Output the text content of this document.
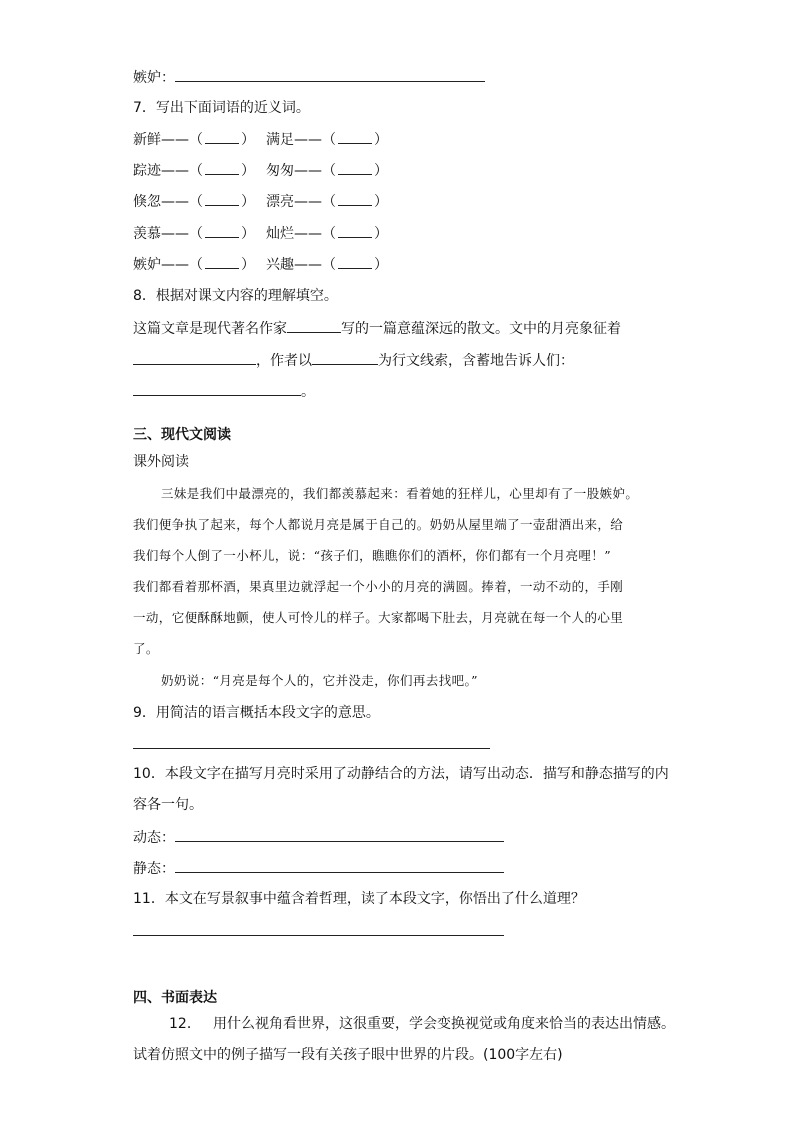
嫉妒：
7．写出下面词语的近义词。
新鲜——（	） 满足——（	）
踪迹——（	） 匆匆——（	）
倏忽——（	） 漂亮——（	）
羡慕——（	） 灿烂——（	）
嫉妒——（	） 兴趣——（	）
8．根据对课文内容的理解填空。
这篇文章是现代著名作家	写的一篇意蕴深远的散文。文中的月亮象征着
，作者以	为行文线索，含蓄地告诉人们：
。
三、现代文阅读
课外阅读
三妹是我们中最漂亮的，我们都羡慕起来：看着她的狂样儿，心里却有了一股嫉妒。
我们便争执了起来，每个人都说月亮是属于自己的。奶奶从屋里端了一壶甜酒出来，给
我们每个人倒了一小杯儿，说：“孩子们，瞧瞧你们的酒杯，你们都有一个月亮哩！”
我们都看着那杯酒，果真里边就浮起一个小小的月亮的满圆。捧着，一动不动的，手刚
一动，它便酥酥地颤，使人可怜儿的样子。大家都喝下肚去，月亮就在每一个人的心里
了。
奶奶说：“月亮是每个人的，它并没走，你们再去找吧。”
9．用简洁的语言概括本段文字的意思。
10．本段文字在描写月亮时采用了动静结合的方法，请写出动态．描写和静态描写的内
容各一句。
动态：
静态：
11．本文在写景叙事中蕴含着哲理，读了本段文字，你悟出了什么道理？
四、书面表达
12． 用什么视角看世界，这很重要，学会变换视觉或角度来恰当的表达出情感。
试着仿照文中的例子描写一段有关孩子眼中世界的片段。(100字左右)
